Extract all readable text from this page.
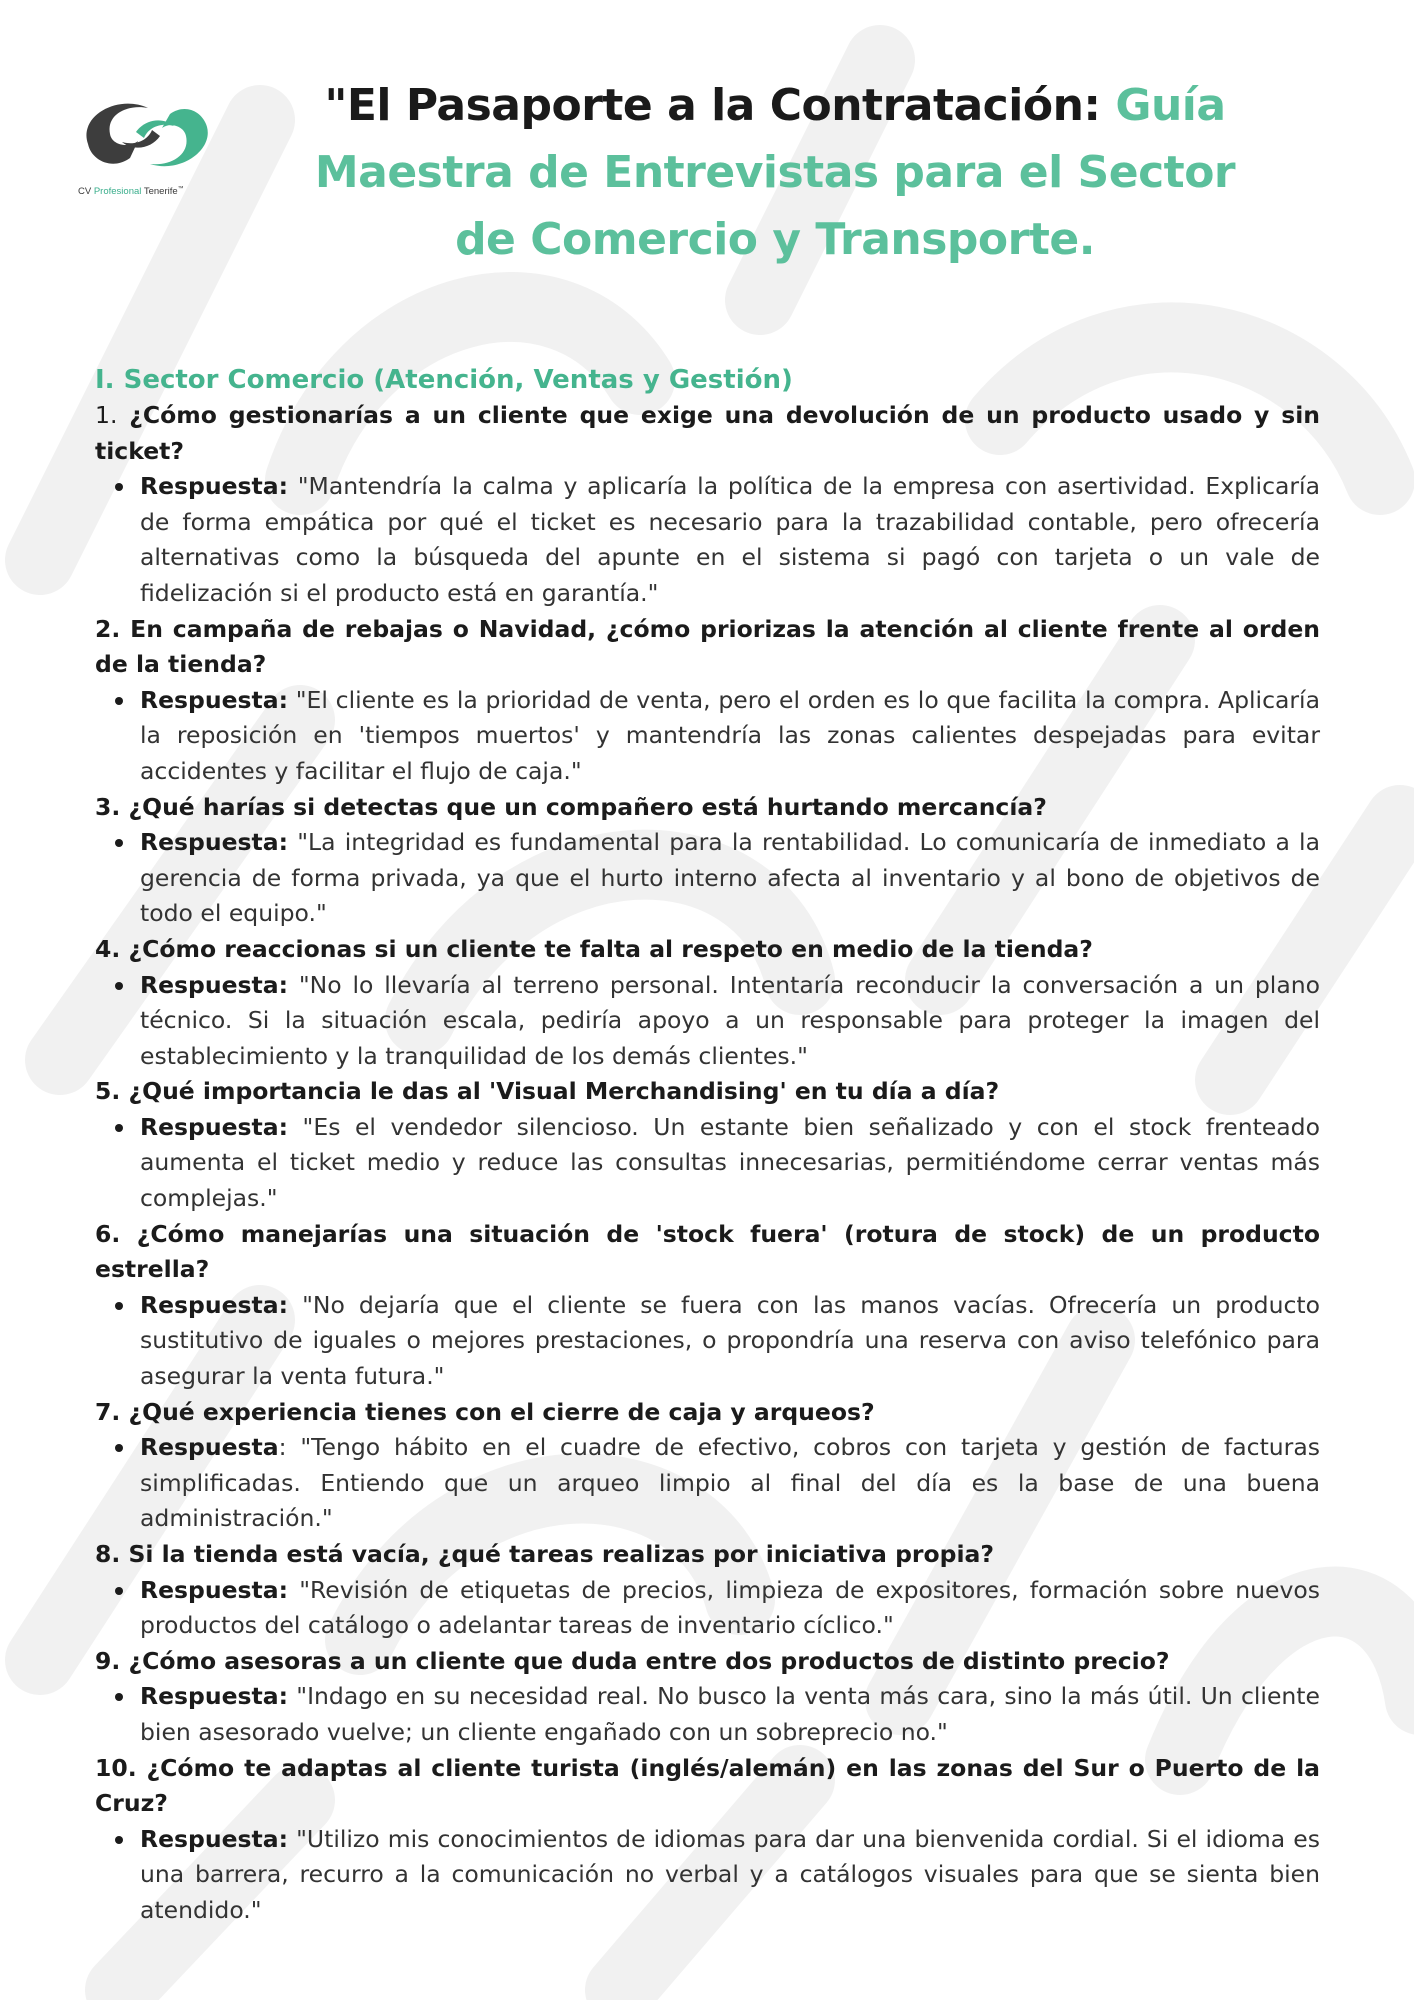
CV Profesional Tenerife™
"El Pasaporte a la Contratación: Guía
Maestra de Entrevistas para el Sector
de Comercio y Transporte.

I. Sector Comercio (Atención, Ventas y Gestión)

1. ¿Cómo gestionarías a un cliente que exige una devolución de un producto usado y sin ticket?

Respuesta: "Mantendría la calma y aplicaría la política de la empresa con asertividad. Explicaría de forma empática por qué el ticket es necesario para la trazabilidad contable, pero ofrecería alternativas como la búsqueda del apunte en el sistema si pagó con tarjeta o un vale de fidelización si el producto está en garantía."

2. En campaña de rebajas o Navidad, ¿cómo priorizas la atención al cliente frente al orden de la tienda?

Respuesta: "El cliente es la prioridad de venta, pero el orden es lo que facilita la compra. Aplicaría la reposición en 'tiempos muertos' y mantendría las zonas calientes despejadas para evitar accidentes y facilitar el flujo de caja."

3. ¿Qué harías si detectas que un compañero está hurtando mercancía?

Respuesta: "La integridad es fundamental para la rentabilidad. Lo comunicaría de inmediato a la gerencia de forma privada, ya que el hurto interno afecta al inventario y al bono de objetivos de todo el equipo."

4. ¿Cómo reaccionas si un cliente te falta al respeto en medio de la tienda?

Respuesta: "No lo llevaría al terreno personal. Intentaría reconducir la conversación a un plano técnico. Si la situación escala, pediría apoyo a un responsable para proteger la imagen del establecimiento y la tranquilidad de los demás clientes."

5. ¿Qué importancia le das al 'Visual Merchandising' en tu día a día?

Respuesta: "Es el vendedor silencioso. Un estante bien señalizado y con el stock frenteado aumenta el ticket medio y reduce las consultas innecesarias, permitiéndome cerrar ventas más complejas."

6. ¿Cómo manejarías una situación de 'stock fuera' (rotura de stock) de un producto estrella?

Respuesta: "No dejaría que el cliente se fuera con las manos vacías. Ofrecería un producto sustitutivo de iguales o mejores prestaciones, o propondría una reserva con aviso telefónico para asegurar la venta futura."

7. ¿Qué experiencia tienes con el cierre de caja y arqueos?

Respuesta: "Tengo hábito en el cuadre de efectivo, cobros con tarjeta y gestión de facturas simplificadas. Entiendo que un arqueo limpio al final del día es la base de una buena administración."

8. Si la tienda está vacía, ¿qué tareas realizas por iniciativa propia?

Respuesta: "Revisión de etiquetas de precios, limpieza de expositores, formación sobre nuevos productos del catálogo o adelantar tareas de inventario cíclico."

9. ¿Cómo asesoras a un cliente que duda entre dos productos de distinto precio?

Respuesta: "Indago en su necesidad real. No busco la venta más cara, sino la más útil. Un cliente bien asesorado vuelve; un cliente engañado con un sobreprecio no."

10. ¿Cómo te adaptas al cliente turista (inglés/alemán) en las zonas del Sur o Puerto de la Cruz?

Respuesta: "Utilizo mis conocimientos de idiomas para dar una bienvenida cordial. Si el idioma es una barrera, recurro a la comunicación no verbal y a catálogos visuales para que se sienta bien atendido."
